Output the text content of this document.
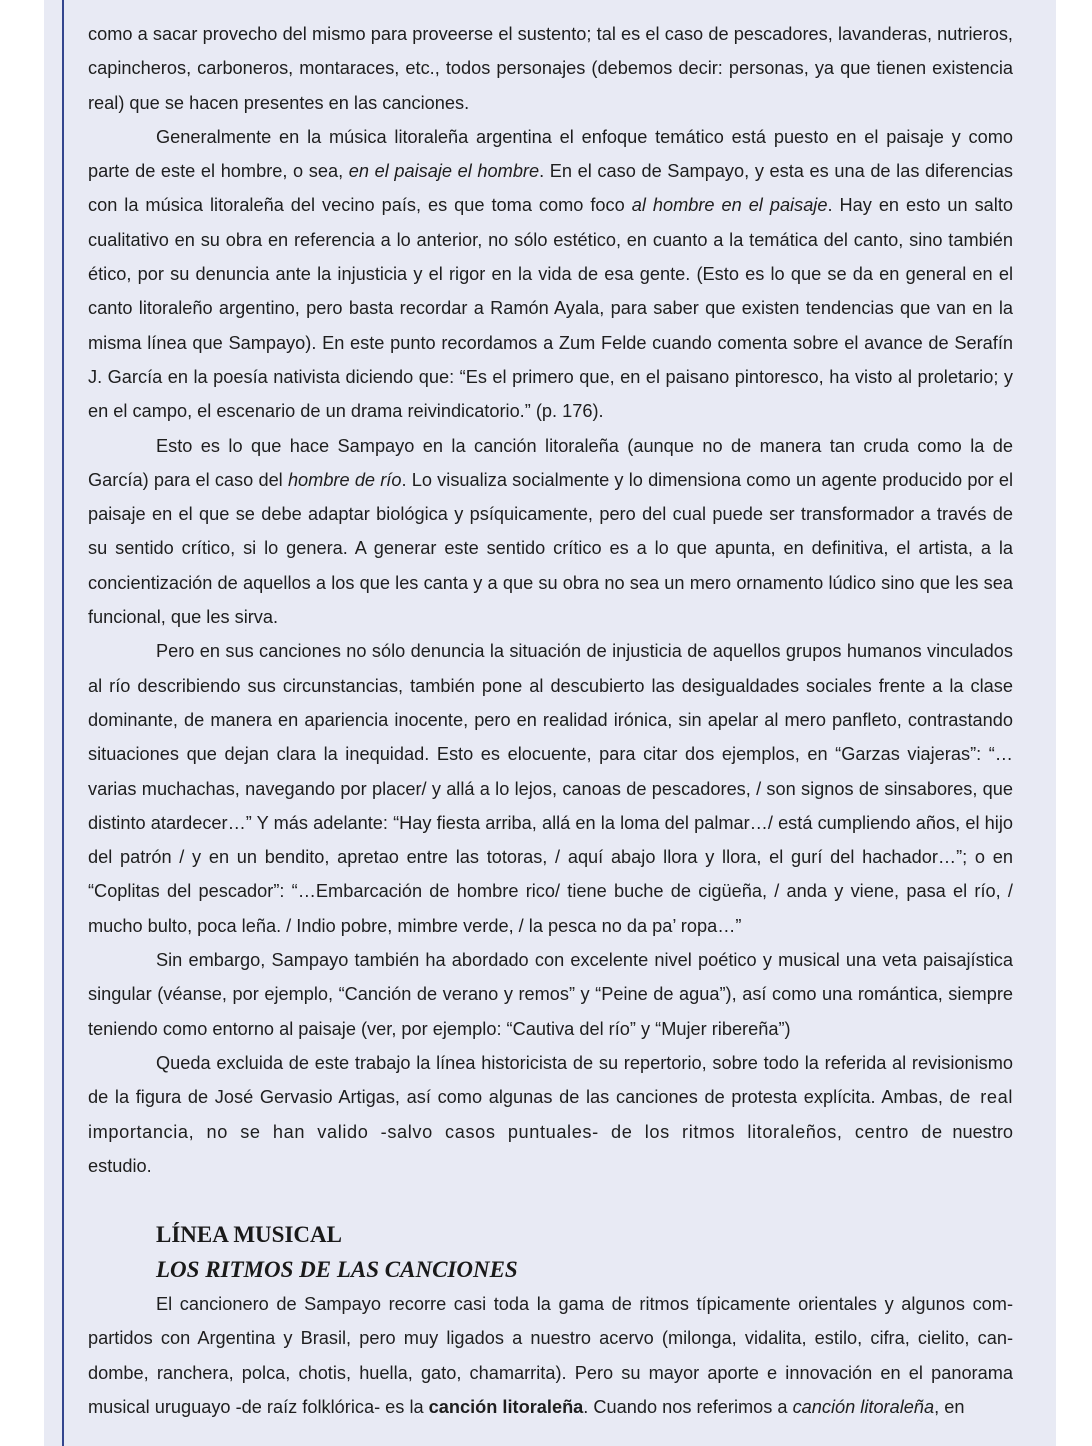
como a sacar provecho del mismo para proveerse el sustento; tal es el caso de pescadores, lavanderas, nutrieros, capincheros, carboneros, montaraces, etc., todos personajes (debemos decir: personas, ya que tienen existencia real) que se hacen presentes en las canciones.

Generalmente en la música litoraleña argentina el enfoque temático está puesto en el paisaje y como parte de este el hombre, o sea, en el paisaje el hombre. En el caso de Sampayo, y esta es una de las diferencias con la música litoraleña del vecino país, es que toma como foco al hombre en el paisaje. Hay en esto un salto cualitativo en su obra en referencia a lo anterior, no sólo estético, en cuanto a la temática del canto, sino también ético, por su denuncia ante la injusticia y el rigor en la vida de esa gente. (Esto es lo que se da en general en el canto litoraleño argentino, pero basta recordar a Ramón Ayala, para saber que existen tendencias que van en la misma línea que Sampayo). En este punto recordamos a Zum Felde cuando comenta sobre el avance de Serafín J. García en la poesía nativista diciendo que: “Es el primero que, en el paisano pintoresco, ha visto al proletario; y en el campo, el escenario de un drama reivindicatorio.” (p. 176).

Esto es lo que hace Sampayo en la canción litoraleña (aunque no de manera tan cruda como la de García) para el caso del hombre de río. Lo visualiza socialmente y lo dimensiona como un agente producido por el paisaje en el que se debe adaptar biológica y psíquicamente, pero del cual puede ser transformador a través de su sentido crítico, si lo genera. A generar este sentido crítico es a lo que apunta, en definitiva, el artista, a la concientización de aquellos a los que les canta y a que su obra no sea un mero ornamento lúdico sino que les sea funcional, que les sirva.

Pero en sus canciones no sólo denuncia la situación de injusticia de aquellos grupos humanos vinculados al río describiendo sus circunstancias, también pone al descubierto las desigualdades sociales frente a la clase dominante, de manera en apariencia inocente, pero en realidad irónica, sin apelar al mero panfleto, contrastando situaciones que dejan clara la inequidad. Esto es elocuente, para citar dos ejemplos, en “Garzas viajeras”: “… varias muchachas, navegando por placer/ y allá a lo lejos, canoas de pescadores, / son signos de sinsabores, que distinto atardecer…” Y más adelante: “Hay fiesta arriba, allá en la loma del palmar…/ está cumpliendo años, el hijo del patrón / y en un bendito, apretao entre las totoras, / aquí abajo llora y llora, el gurí del hachador…”; o en “Coplitas del pescador”: “…Embarcación de hombre rico/ tiene buche de cigüeña, / anda y viene, pasa el río, / mucho bulto, poca leña. / Indio pobre, mimbre verde, / la pesca no da pa’ ropa…”

Sin embargo, Sampayo también ha abordado con excelente nivel poético y musical una veta paisajística singular (véanse, por ejemplo, “Canción de verano y remos” y “Peine de agua”), así como una romántica, siempre teniendo como entorno al paisaje (ver, por ejemplo: “Cautiva del río” y “Mujer ribereña”)

Queda excluida de este trabajo la línea historicista de su repertorio, sobre todo la referida al revisionismo de la figura de José Gervasio Artigas, así como algunas de las canciones de protesta explícita. Ambas, de real importancia, no se han valido -salvo casos puntuales- de los ritmos litoraleños, centro de nuestro estudio.

LÍNEA MUSICAL
LOS RITMOS DE LAS CANCIONES

El cancionero de Sampayo recorre casi toda la gama de ritmos típicamente orientales y algunos compartidos con Argentina y Brasil, pero muy ligados a nuestro acervo (milonga, vidalita, estilo, cifra, cielito, candombe, ranchera, polca, chotis, huella, gato, chamarrita). Pero su mayor aporte e innovación en el panorama musical uruguayo -de raíz folklórica- es la canción litoraleña. Cuando nos referimos a canción litoraleña, en
